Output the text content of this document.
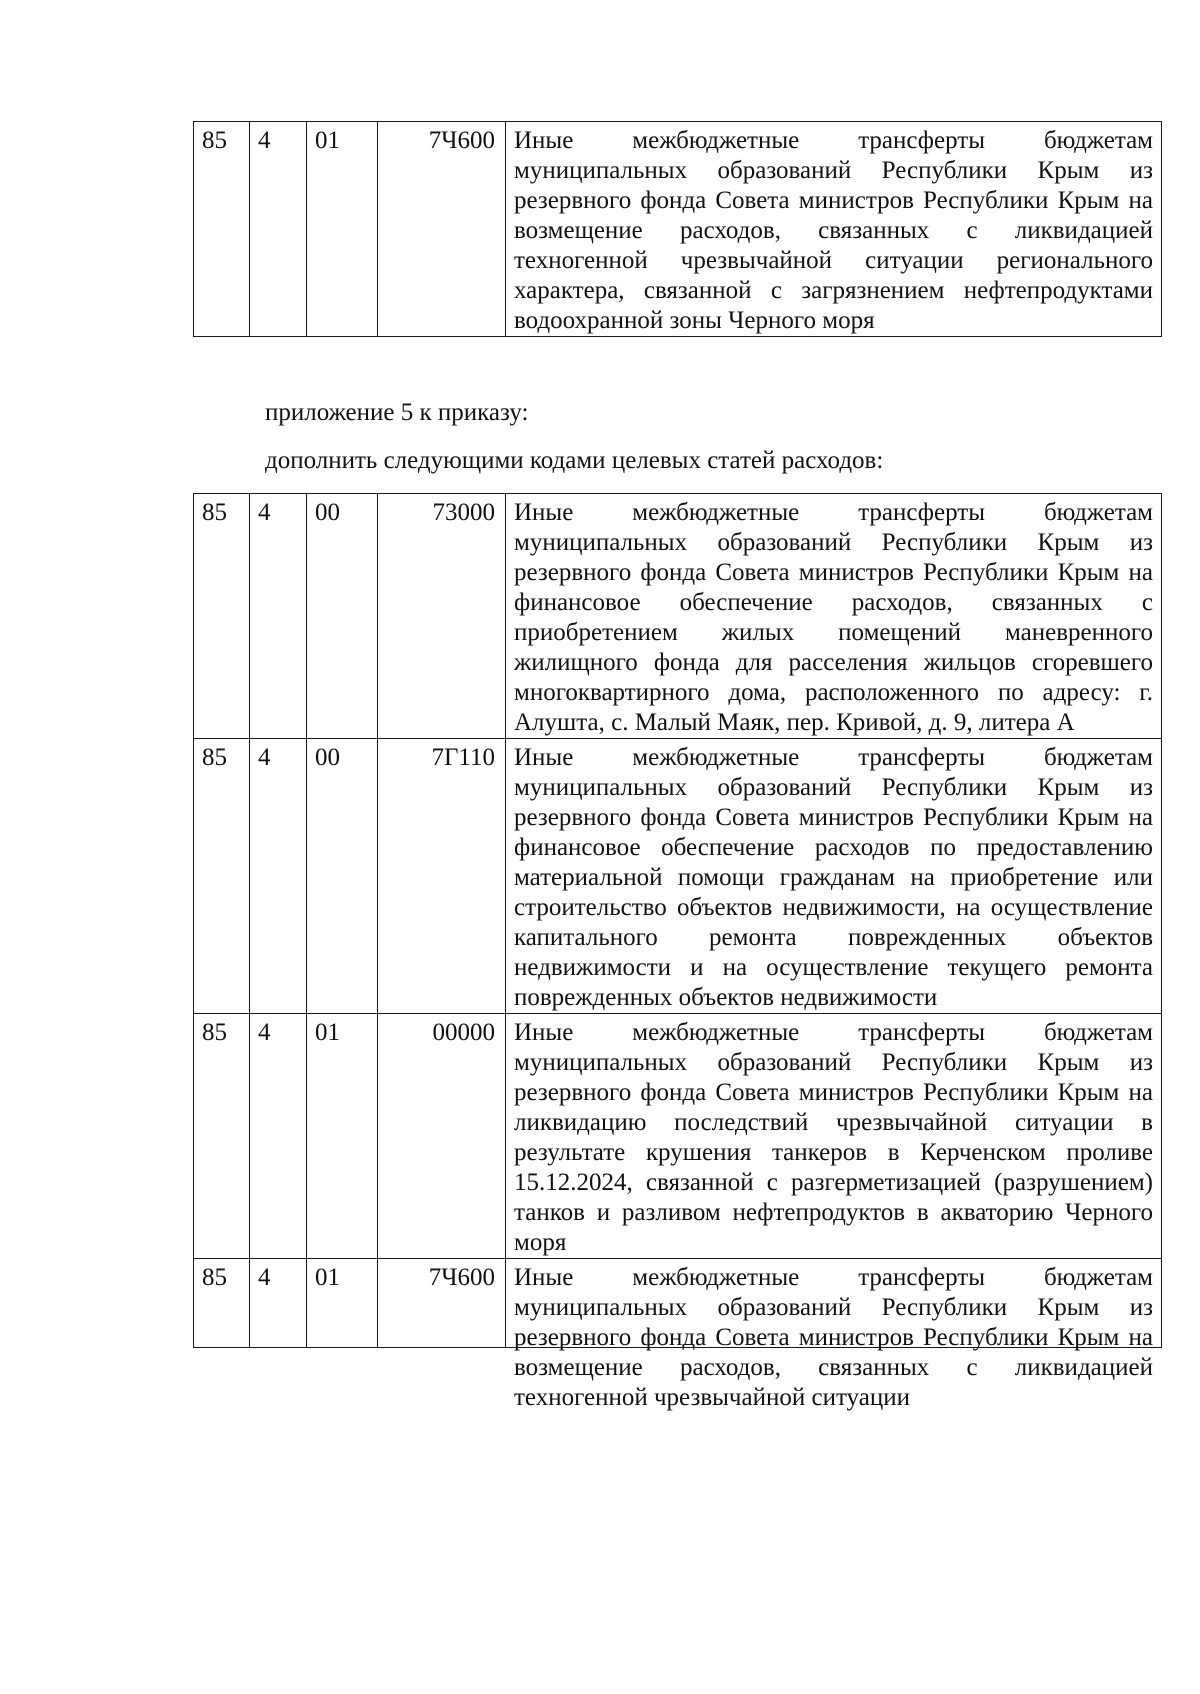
85	4	01	7Ч600	Иные межбюджетные трансферты бюджетам муниципальных образований Республики Крым из резервного фонда Совета министров Республики Крым на возмещение расходов, связанных с ликвидацией техногенной чрезвычайной ситуации регионального характера, связанной с загрязнением нефтепродуктами водоохранной зоны Черного моря

приложение 5 к приказу:

дополнить следующими кодами целевых статей расходов:

85	4	00	73000	Иные межбюджетные трансферты бюджетам муниципальных образований Республики Крым из резервного фонда Совета министров Республики Крым на финансовое обеспечение расходов, связанных с приобретением жилых помещений маневренного жилищного фонда для расселения жильцов сгоревшего многоквартирного дома, расположенного по адресу: г. Алушта, с. Малый Маяк, пер. Кривой, д. 9, литера А
85	4	00	7Г110	Иные межбюджетные трансферты бюджетам муниципальных образований Республики Крым из резервного фонда Совета министров Республики Крым на финансовое обеспечение расходов по предоставлению материальной помощи гражданам на приобретение или строительство объектов недвижимости, на осуществление капитального ремонта поврежденных объектов недвижимости и на осуществление текущего ремонта поврежденных объектов недвижимости
85	4	01	00000	Иные межбюджетные трансферты бюджетам муниципальных образований Республики Крым из резервного фонда Совета министров Республики Крым на ликвидацию последствий чрезвычайной ситуации в результате крушения танкеров в Керченском проливе 15.12.2024, связанной с разгерметизацией (разрушением) танков и разливом нефтепродуктов в акваторию Черного моря
85	4	01	7Ч600	Иные межбюджетные трансферты бюджетам муниципальных образований Республики Крым из резервного фонда Совета министров Республики Крым на возмещение расходов, связанных с ликвидацией техногенной чрезвычайной ситуации
